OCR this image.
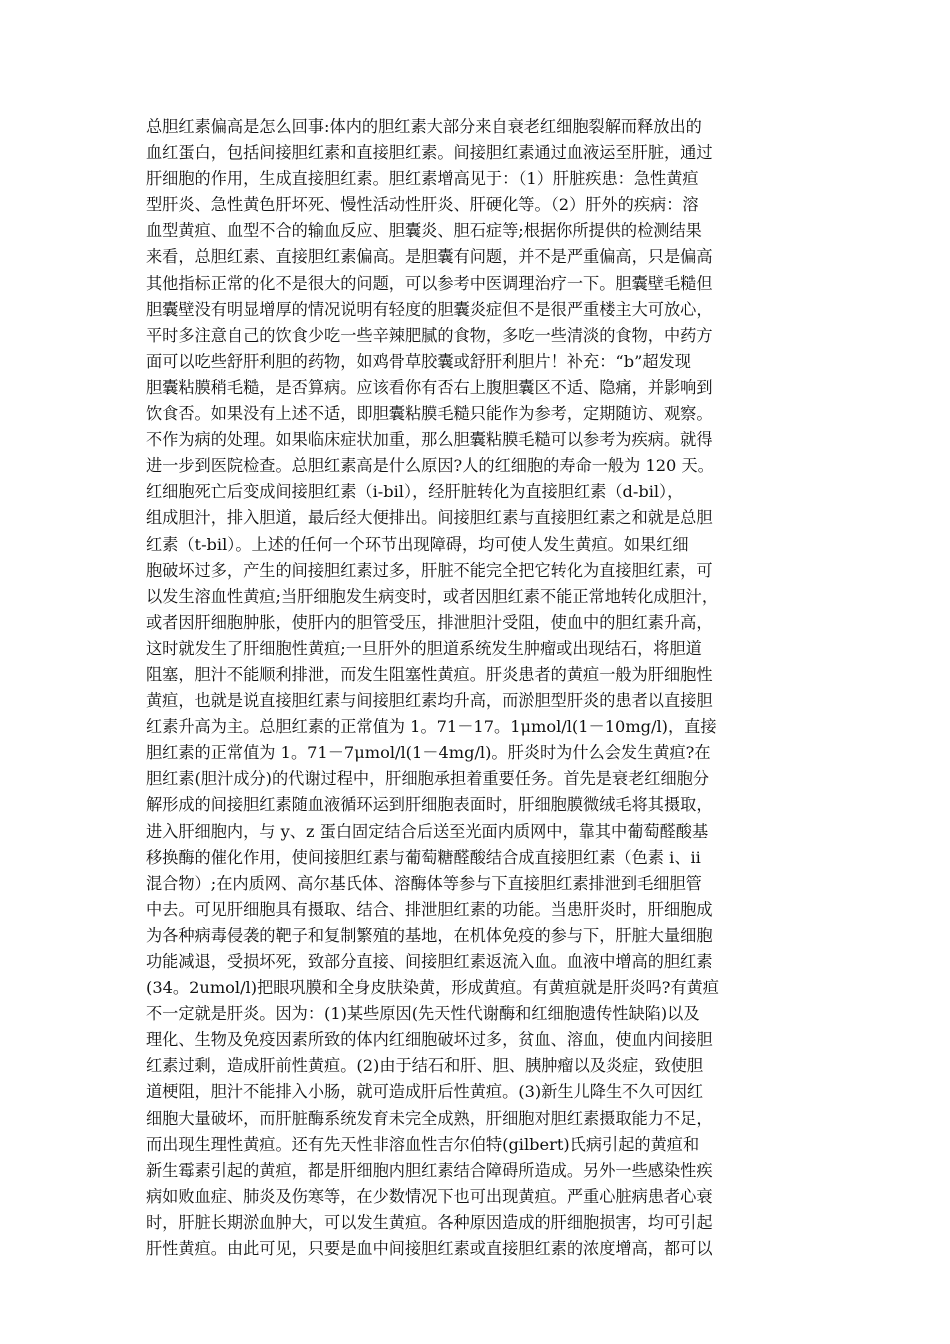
总胆红素偏高是怎么回事:体内的胆红素大部分来自衰老红细胞裂解而释放出的
血红蛋白，包括间接胆红素和直接胆红素。间接胆红素通过血液运至肝脏，通过
肝细胞的作用，生成直接胆红素。胆红素增高见于：（1）肝脏疾患：急性黄疸
型肝炎、急性黄色肝坏死、慢性活动性肝炎、肝硬化等。（2）肝外的疾病：溶
血型黄疸、血型不合的输血反应、胆囊炎、胆石症等;根据你所提供的检测结果
来看，总胆红素、直接胆红素偏高。是胆囊有问题，并不是严重偏高，只是偏高
其他指标正常的化不是很大的问题，可以参考中医调理治疗一下。胆囊壁毛糙但
胆囊壁没有明显增厚的情况说明有轻度的胆囊炎症但不是很严重楼主大可放心，
平时多注意自己的饮食少吃一些辛辣肥腻的食物，多吃一些清淡的食物，中药方
面可以吃些舒肝利胆的药物，如鸡骨草胶囊或舒肝利胆片！补充：“b”超发现
胆囊粘膜稍毛糙，是否算病。应该看你有否右上腹胆囊区不适、隐痛，并影响到
饮食否。如果没有上述不适，即胆囊粘膜毛糙只能作为参考，定期随访、观察。
不作为病的处理。如果临床症状加重，那么胆囊粘膜毛糙可以参考为疾病。就得
进一步到医院检查。总胆红素高是什么原因?人的红细胞的寿命一般为 120 天。
红细胞死亡后变成间接胆红素（i-bil），经肝脏转化为直接胆红素（d-bil），
组成胆汁，排入胆道，最后经大便排出。间接胆红素与直接胆红素之和就是总胆
红素（t-bil）。上述的任何一个环节出现障碍，均可使人发生黄疸。如果红细
胞破坏过多，产生的间接胆红素过多，肝脏不能完全把它转化为直接胆红素，可
以发生溶血性黄疸;当肝细胞发生病变时，或者因胆红素不能正常地转化成胆汁，
或者因肝细胞肿胀，使肝内的胆管受压，排泄胆汁受阻，使血中的胆红素升高，
这时就发生了肝细胞性黄疸;一旦肝外的胆道系统发生肿瘤或出现结石，将胆道
阻塞，胆汁不能顺利排泄，而发生阻塞性黄疸。肝炎患者的黄疸一般为肝细胞性
黄疸，也就是说直接胆红素与间接胆红素均升高，而淤胆型肝炎的患者以直接胆
红素升高为主。总胆红素的正常值为 1。71－17。1μmol/l(1－10mg/l)，直接
胆红素的正常值为 1。71－7μmol/l(1－4mg/l)。肝炎时为什么会发生黄疸?在
胆红素(胆汁成分)的代谢过程中，肝细胞承担着重要任务。首先是衰老红细胞分
解形成的间接胆红素随血液循环运到肝细胞表面时，肝细胞膜微绒毛将其摄取，
进入肝细胞内，与 y、z 蛋白固定结合后送至光面内质网中，靠其中葡萄醛酸基
移换酶的催化作用，使间接胆红素与葡萄糖醛酸结合成直接胆红素（色素 i、ii
混合物）;在内质网、高尔基氏体、溶酶体等参与下直接胆红素排泄到毛细胆管
中去。可见肝细胞具有摄取、结合、排泄胆红素的功能。当患肝炎时，肝细胞成
为各种病毒侵袭的靶子和复制繁殖的基地，在机体免疫的参与下，肝脏大量细胞
功能减退，受损坏死，致部分直接、间接胆红素返流入血。血液中增高的胆红素
(34。2umol/l)把眼巩膜和全身皮肤染黄，形成黄疸。有黄疸就是肝炎吗?有黄疸
不一定就是肝炎。因为：(1)某些原因(先天性代谢酶和红细胞遗传性缺陷)以及
理化、生物及免疫因素所致的体内红细胞破坏过多，贫血、溶血，使血内间接胆
红素过剩，造成肝前性黄疸。(2)由于结石和肝、胆、胰肿瘤以及炎症，致使胆
道梗阻，胆汁不能排入小肠，就可造成肝后性黄疸。(3)新生儿降生不久可因红
细胞大量破坏，而肝脏酶系统发育未完全成熟，肝细胞对胆红素摄取能力不足，
而出现生理性黄疸。还有先天性非溶血性吉尔伯特(gilbert)氏病引起的黄疸和
新生霉素引起的黄疸，都是肝细胞内胆红素结合障碍所造成。另外一些感染性疾
病如败血症、肺炎及伤寒等，在少数情况下也可出现黄疸。严重心脏病患者心衰
时，肝脏长期淤血肿大，可以发生黄疸。各种原因造成的肝细胞损害，均可引起
肝性黄疸。由此可见，只要是血中间接胆红素或直接胆红素的浓度增高，都可以
